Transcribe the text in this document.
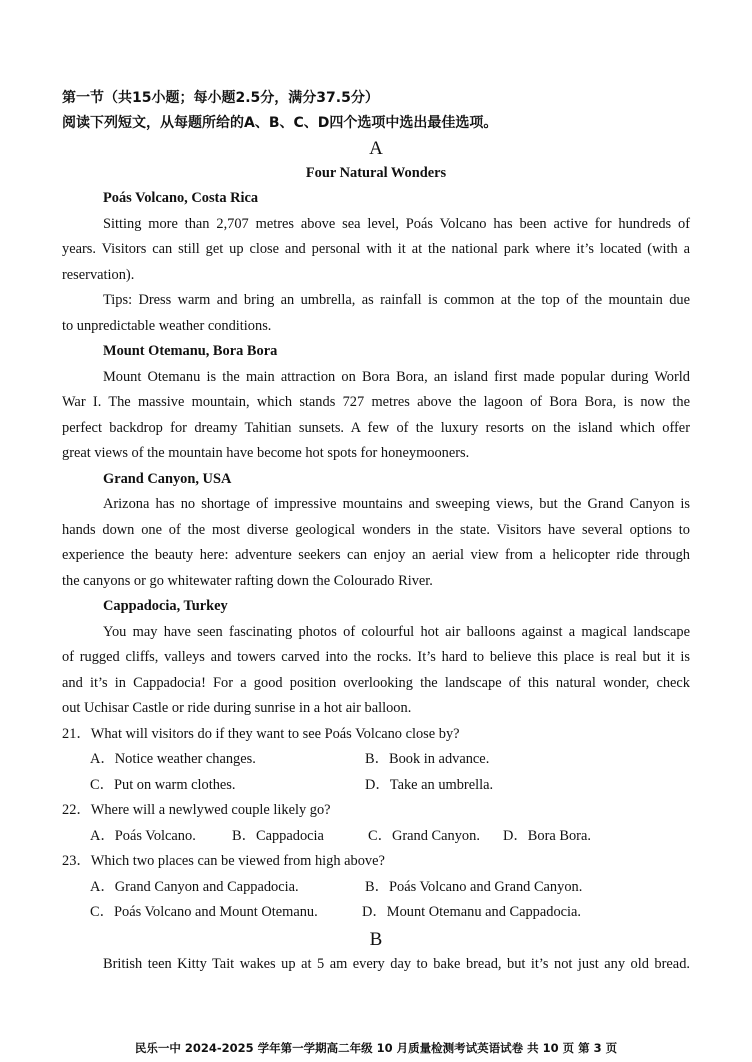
第一节（共15小题；每小题2.5分，满分37.5分）
阅读下列短文，从每题所给的A、B、C、D四个选项中选出最佳选项。
A
Four Natural Wonders
Poás Volcano, Costa Rica
Sitting more than 2,707 metres above sea level, Poás Volcano has been active for hundreds of
years. Visitors can still get up close and personal with it at the national park where it’s located (with a
reservation).
Tips: Dress warm and bring an umbrella, as rainfall is common at the top of the mountain due
to unpredictable weather conditions.
Mount Otemanu, Bora Bora
Mount Otemanu is the main attraction on Bora Bora, an island first made popular during World
War I. The massive mountain, which stands 727 metres above the lagoon of Bora Bora, is now the
perfect backdrop for dreamy Tahitian sunsets. A few of the luxury resorts on the island which offer
great views of the mountain have become hot spots for honeymooners.
Grand Canyon, USA
Arizona has no shortage of impressive mountains and sweeping views, but the Grand Canyon is
hands down one of the most diverse geological wonders in the state. Visitors have several options to
experience the beauty here: adventure seekers can enjoy an aerial view from a helicopter ride through
the canyons or go whitewater rafting down the Colourado River.
Cappadocia, Turkey
You may have seen fascinating photos of colourful hot air balloons against a magical landscape
of rugged cliffs, valleys and towers carved into the rocks. It’s hard to believe this place is real but it is
and it’s in Cappadocia! For a good position overlooking the landscape of this natural wonder, check
out Uchisar Castle or ride during sunrise in a hot air balloon.
21．What will visitors do if they want to see Poás Volcano close by?
A．Notice weather changes.	B．Book in advance.
C．Put on warm clothes.	D．Take an umbrella.
22．Where will a newlywed couple likely go?
A．Poás Volcano.	B．Cappadocia	C．Grand Canyon. D．Bora Bora.
23．Which two places can be viewed from high above?
A．Grand Canyon and Cappadocia.	B．Poás Volcano and Grand Canyon.
C．Poás Volcano and Mount Otemanu.	D．Mount Otemanu and Cappadocia.
B
British teen Kitty Tait wakes up at 5 am every day to bake bread, but it’s not just any old bread.
民乐一中 2024-2025 学年第一学期高二年级 10 月质量检测考试英语试卷 共 10 页 第 3 页
